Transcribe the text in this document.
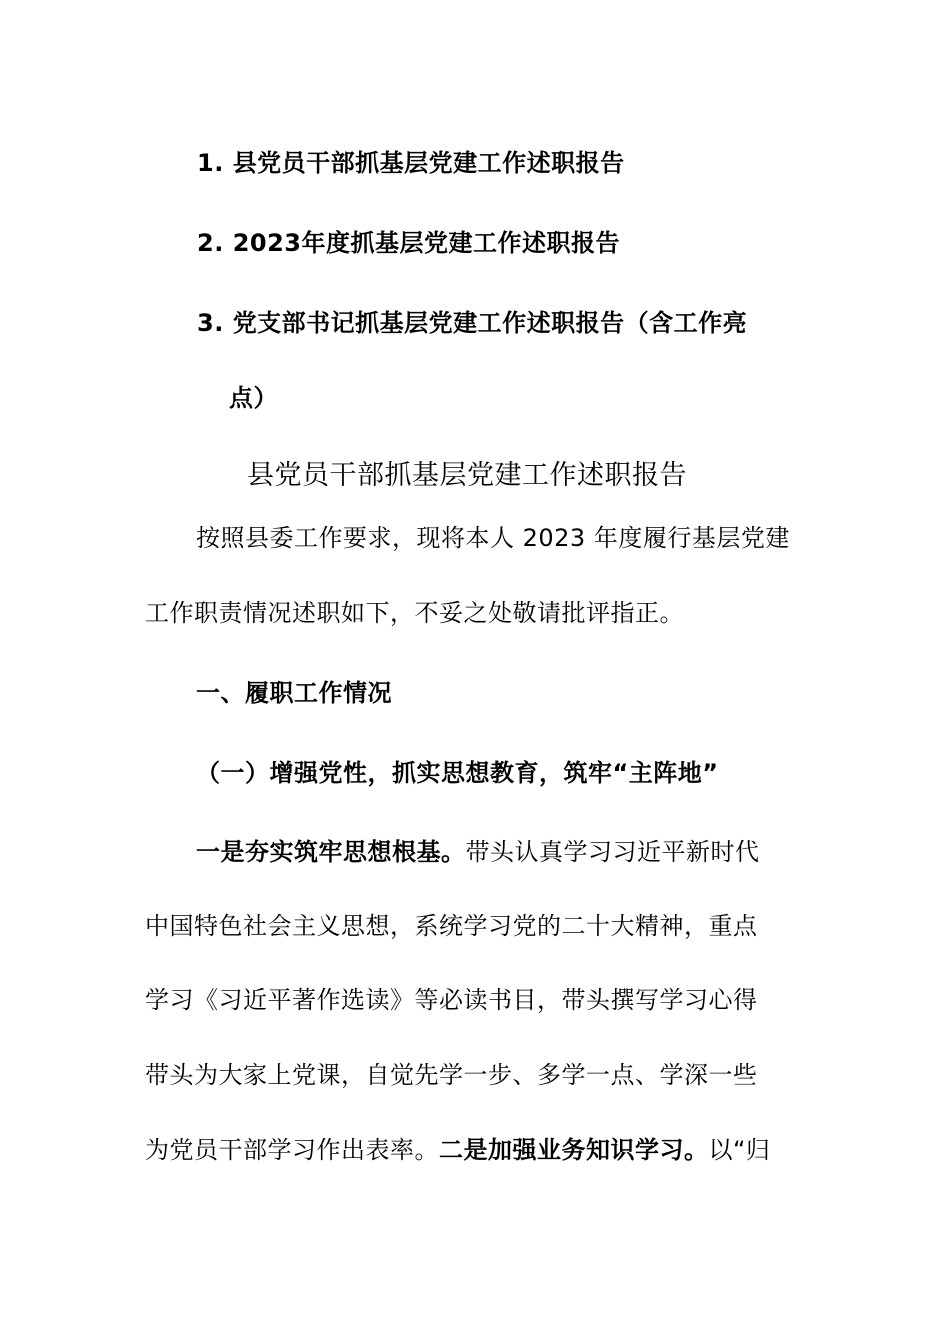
1. 县党员干部抓基层党建工作述职报告
2. 2023年度抓基层党建工作述职报告
3. 党支部书记抓基层党建工作述职报告（含工作亮
点）
县党员干部抓基层党建工作述职报告
按照县委工作要求，现将本人 2023 年度履行基层党建
工作职责情况述职如下，不妥之处敬请批评指正。
一、履职工作情况
（一）增强党性，抓实思想教育，筑牢“主阵地”
一是夯实筑牢思想根基。带头认真学习习近平新时代
中国特色社会主义思想，系统学习党的二十大精神，重点
学习《习近平著作选读》等必读书目，带头撰写学习心得
带头为大家上党课，自觉先学一步、多学一点、学深一些
为党员干部学习作出表率。二是加强业务知识学习。以“归
